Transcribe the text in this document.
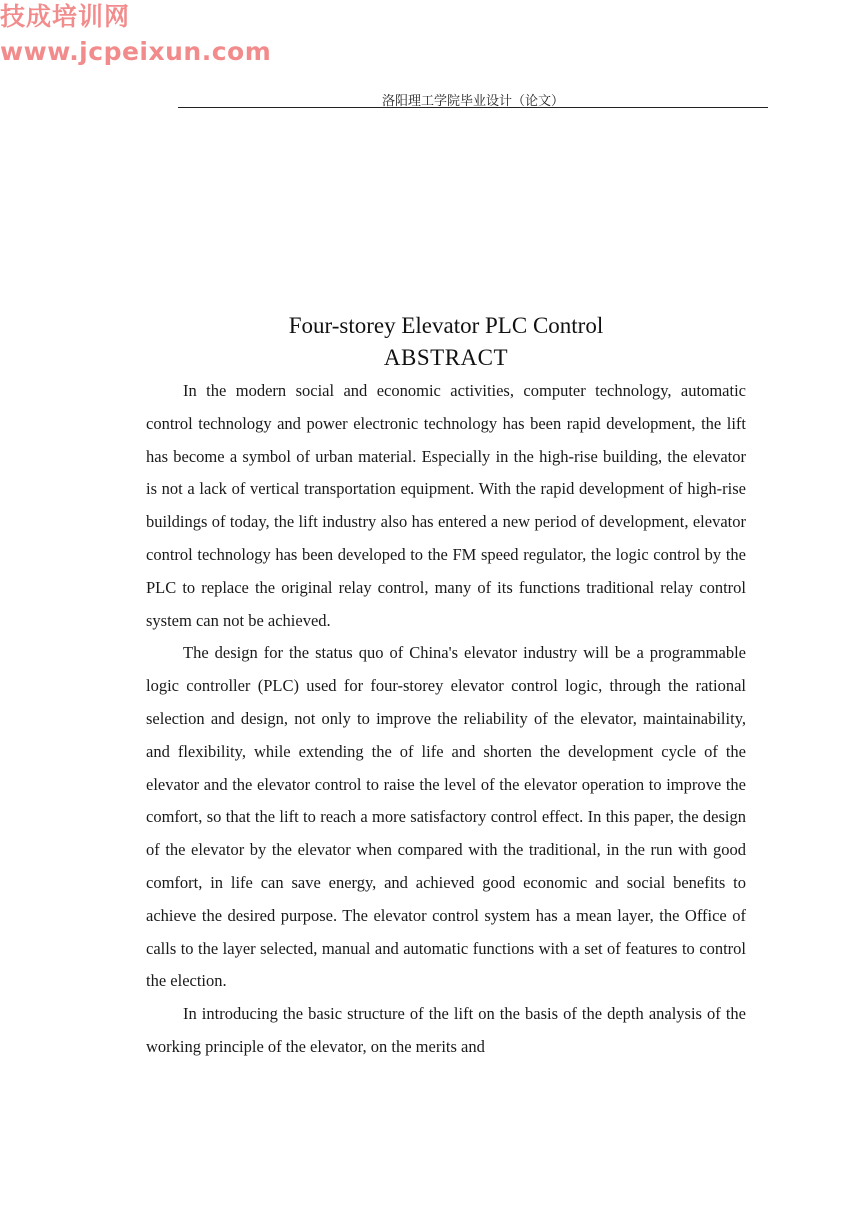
技成培训网
www.jcpeixun.com
洛阳理工学院毕业设计（论文）
Four-storey Elevator PLC Control
ABSTRACT

In the modern social and economic activities, computer technology, automatic control technology and power electronic technology has been rapid development, the lift has become a symbol of urban material. Especially in the high-rise building, the elevator is not a lack of vertical transportation equipment. With the rapid development of high-rise buildings of today, the lift industry also has entered a new period of development, elevator control technology has been developed to the FM speed regulator, the logic control by the PLC to replace the original relay control, many of its functions traditional relay control system can not be achieved.

The design for the status quo of China's elevator industry will be a programmable logic controller (PLC) used for four-storey elevator control logic, through the rational selection and design, not only to improve the reliability of the elevator, maintainability, and flexibility, while extending the of life and shorten the development cycle of the elevator and the elevator control to raise the level of the elevator operation to improve the comfort, so that the lift to reach a more satisfactory control effect. In this paper, the design of the elevator by the elevator when compared with the traditional, in the run with good comfort, in life can save energy, and achieved good economic and social benefits to achieve the desired purpose. The elevator control system has a mean layer, the Office of calls to the layer selected, manual and automatic functions with a set of features to control the election.

In introducing the basic structure of the lift on the basis of the depth analysis of the working principle of the elevator, on the merits and
